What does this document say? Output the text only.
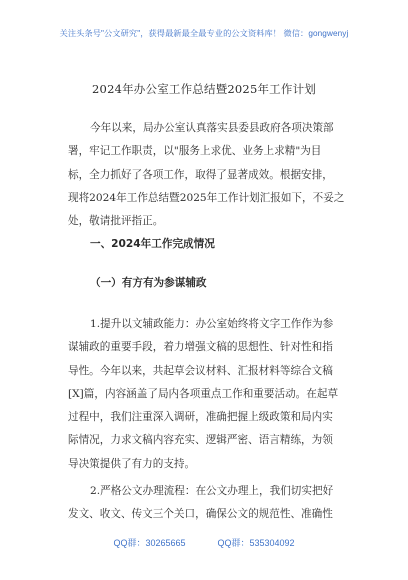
关注头条号"公文研究"，获得最新最全最专业的公文资料库！ 微信：gongwenyj
2024年办公室工作总结暨2025年工作计划
今年以来，局办公室认真落实县委县政府各项决策部
署，牢记工作职责，以"服务上求优、业务上求精"为目
标，全力抓好了各项工作，取得了显著成效。根据安排，
现将2024年工作总结暨2025年工作计划汇报如下，不妥之
处，敬请批评指正。
一、2024年工作完成情况
（一）有方有为参谋辅政
1.提升以文辅政能力：办公室始终将文字工作作为参
谋辅政的重要手段，着力增强文稿的思想性、针对性和指
导性。今年以来，共起草会议材料、汇报材料等综合文稿
[X]篇，内容涵盖了局内各项重点工作和重要活动。在起草
过程中，我们注重深入调研，准确把握上级政策和局内实
际情况，力求文稿内容充实、逻辑严密、语言精练，为领
导决策提供了有力的支持。
2.严格公文办理流程：在公文办理上，我们切实把好
发文、收文、传文三个关口，确保公文的规范性、准确性
QQ群：30265665	QQ群：535304092
